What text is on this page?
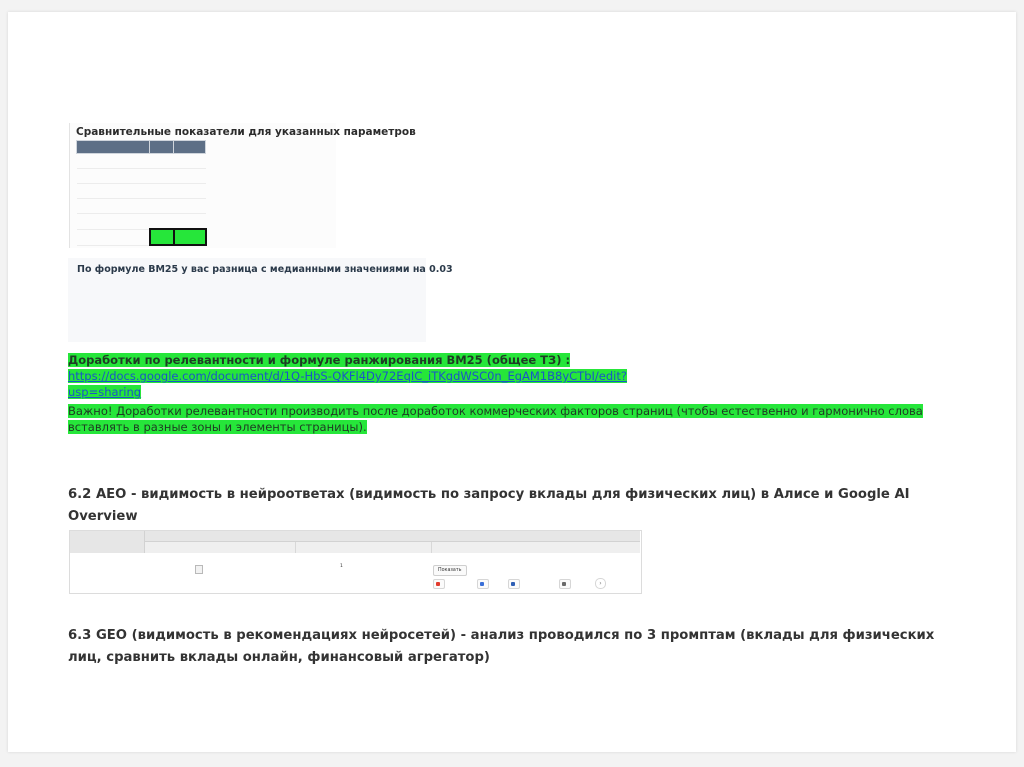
Сравнительные показатели для указанных параметров

По формуле BM25 у вас разница с медианными значениями на 0.03
Доработки по релевантности и формуле ранжирования BM25 (общее ТЗ) :
https://docs.google.com/document/d/1Q-HbS-QKFl4Dy72EqIC_iTKgdWSC0n_EgAM1B8yCTbI/edit?usp=sharing
Важно! Доработки релевантности производить после доработок коммерческих факторов страниц (чтобы естественно и гармонично слова вставлять в разные зоны и элементы страницы).
6.2 AEO - видимость в нейроответах (видимость по запросу вклады для физических лиц) в Алисе и Google AI Overview
1
Показать
›
6.3 GEO (видимость в рекомендациях нейросетей) - анализ проводился по 3 промптам (вклады для физических лиц, сравнить вклады онлайн, финансовый агрегатор)
